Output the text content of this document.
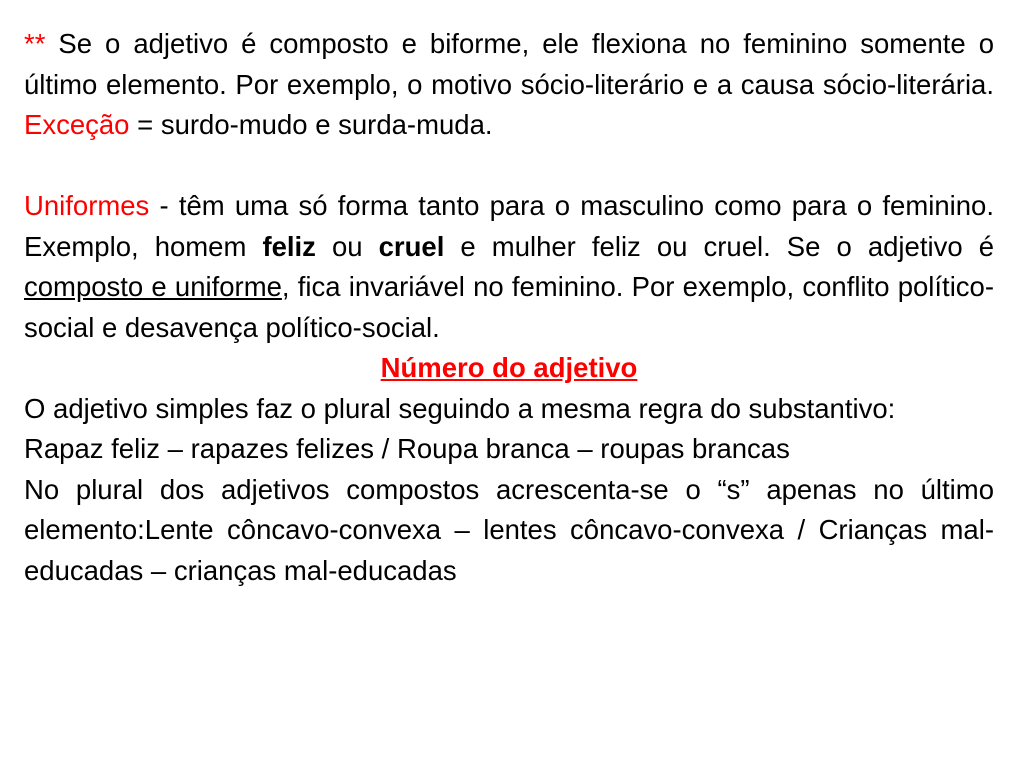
** Se o adjetivo é composto e biforme, ele flexiona no feminino somente o último elemento. Por exemplo, o motivo sócio-literário e a causa sócio-literária. Exceção = surdo-mudo e surda-muda.

Uniformes - têm uma só forma tanto para o masculino como para o feminino. Exemplo, homem feliz ou cruel e mulher feliz ou cruel. Se o adjetivo é composto e uniforme, fica invariável no feminino. Por exemplo, conflito político-social e desavença político-social.

Número do adjetivo

O adjetivo simples faz o plural seguindo a mesma regra do substantivo:

Rapaz feliz – rapazes felizes / Roupa branca – roupas brancas

No plural dos adjetivos compostos acrescenta-se o “s” apenas no último elemento:Lente côncavo-convexa – lentes côncavo-convexa / Crianças mal-educadas – crianças mal-educadas
